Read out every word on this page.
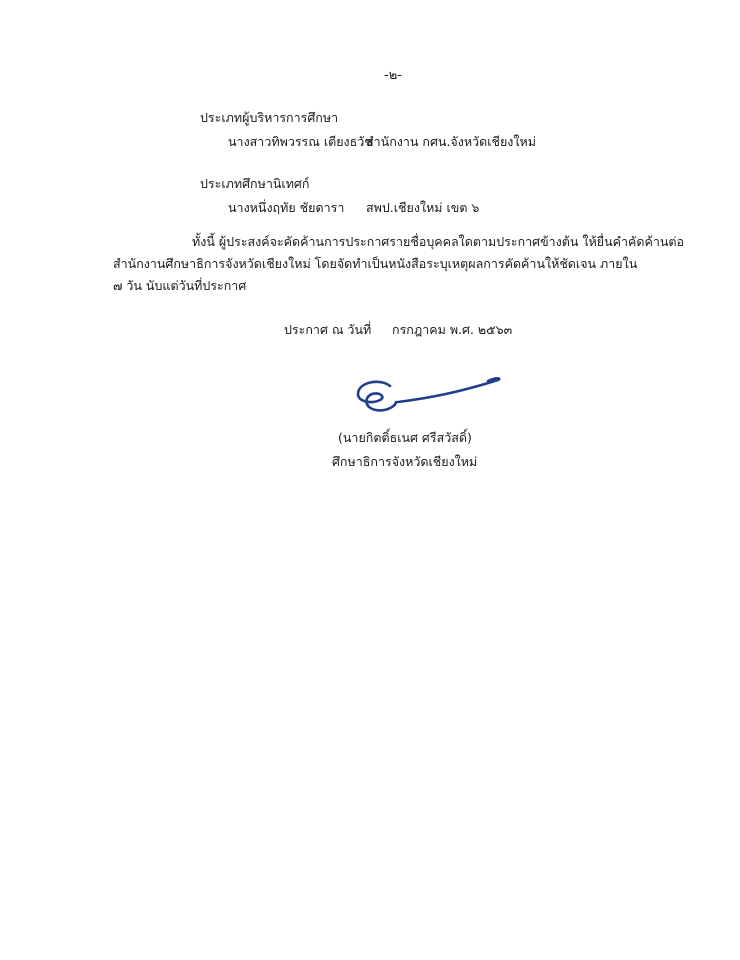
-๒-
ประเภทผู้บริหารการศึกษา
นางสาวทิพวรรณ เตียงธวัช
สำนักงาน กศน.จังหวัดเชียงใหม่
ประเภทศึกษานิเทศก์
นางหนึ่งฤทัย ชัยดารา สพป.เชียงใหม่ เขต ๖
ทั้งนี้ ผู้ประสงค์จะคัดค้านการประกาศรายชื่อบุคคลใดตามประกาศข้างต้น ให้ยื่นคำคัดค้านต่อ
สำนักงานศึกษาธิการจังหวัดเชียงใหม่ โดยจัดทำเป็นหนังสือระบุเหตุผลการคัดค้านให้ชัดเจน ภายใน
๗ วัน นับแต่วันที่ประกาศ
ประกาศ ณ วันที่ กรกฎาคม พ.ศ. ๒๕๖๓
(นายกิตติ์ธเนศ ศรีสวัสดิ์)
ศึกษาธิการจังหวัดเชียงใหม่
